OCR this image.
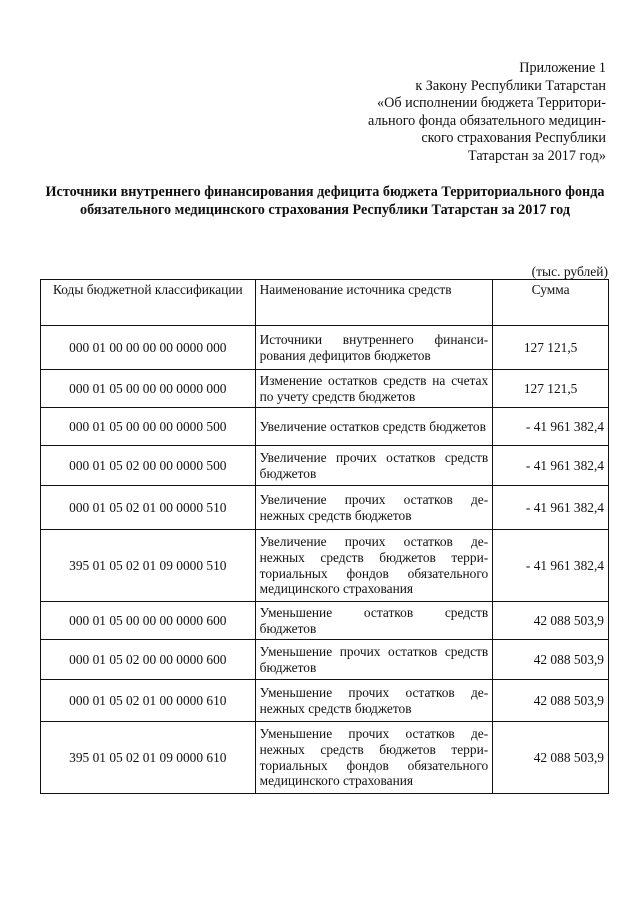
Приложение 1
к Закону Республики Татарстан
«Об исполнении бюджета Территори-
ального фонда обязательного медицин-
ского страхования Республики
Татарстан за 2017 год»
Источники внутреннего финансирования дефицита бюджета Территориального фонда обязательного медицинского страхования Республики Татарстан за 2017 год
(тыс. рублей)
Коды бюджетной классификации	Наименование источника средств	Сумма
000 01 00 00 00 00 0000 000	Источники внутреннего финанси-рования дефицитов бюджетов	127 121,5
000 01 05 00 00 00 0000 000	Изменение остатков средств на счетах по учету средств бюджетов	127 121,5
000 01 05 00 00 00 0000 500	Увеличение остатков средств бюджетов	- 41 961 382,4
000 01 05 02 00 00 0000 500	Увеличение прочих остатков средств бюджетов	- 41 961 382,4
000 01 05 02 01 00 0000 510	Увеличение прочих остатков де-нежных средств бюджетов	- 41 961 382,4
395 01 05 02 01 09 0000 510	Увеличение прочих остатков де-нежных средств бюджетов терри-ториальных фондов обязательного медицинского страхования	- 41 961 382,4
000 01 05 00 00 00 0000 600	Уменьшение остатков средств бюджетов	42 088 503,9
000 01 05 02 00 00 0000 600	Уменьшение прочих остатков средств бюджетов	42 088 503,9
000 01 05 02 01 00 0000 610	Уменьшение прочих остатков де-нежных средств бюджетов	42 088 503,9
395 01 05 02 01 09 0000 610	Уменьшение прочих остатков де-нежных средств бюджетов терри-ториальных фондов обязательного медицинского страхования	42 088 503,9
